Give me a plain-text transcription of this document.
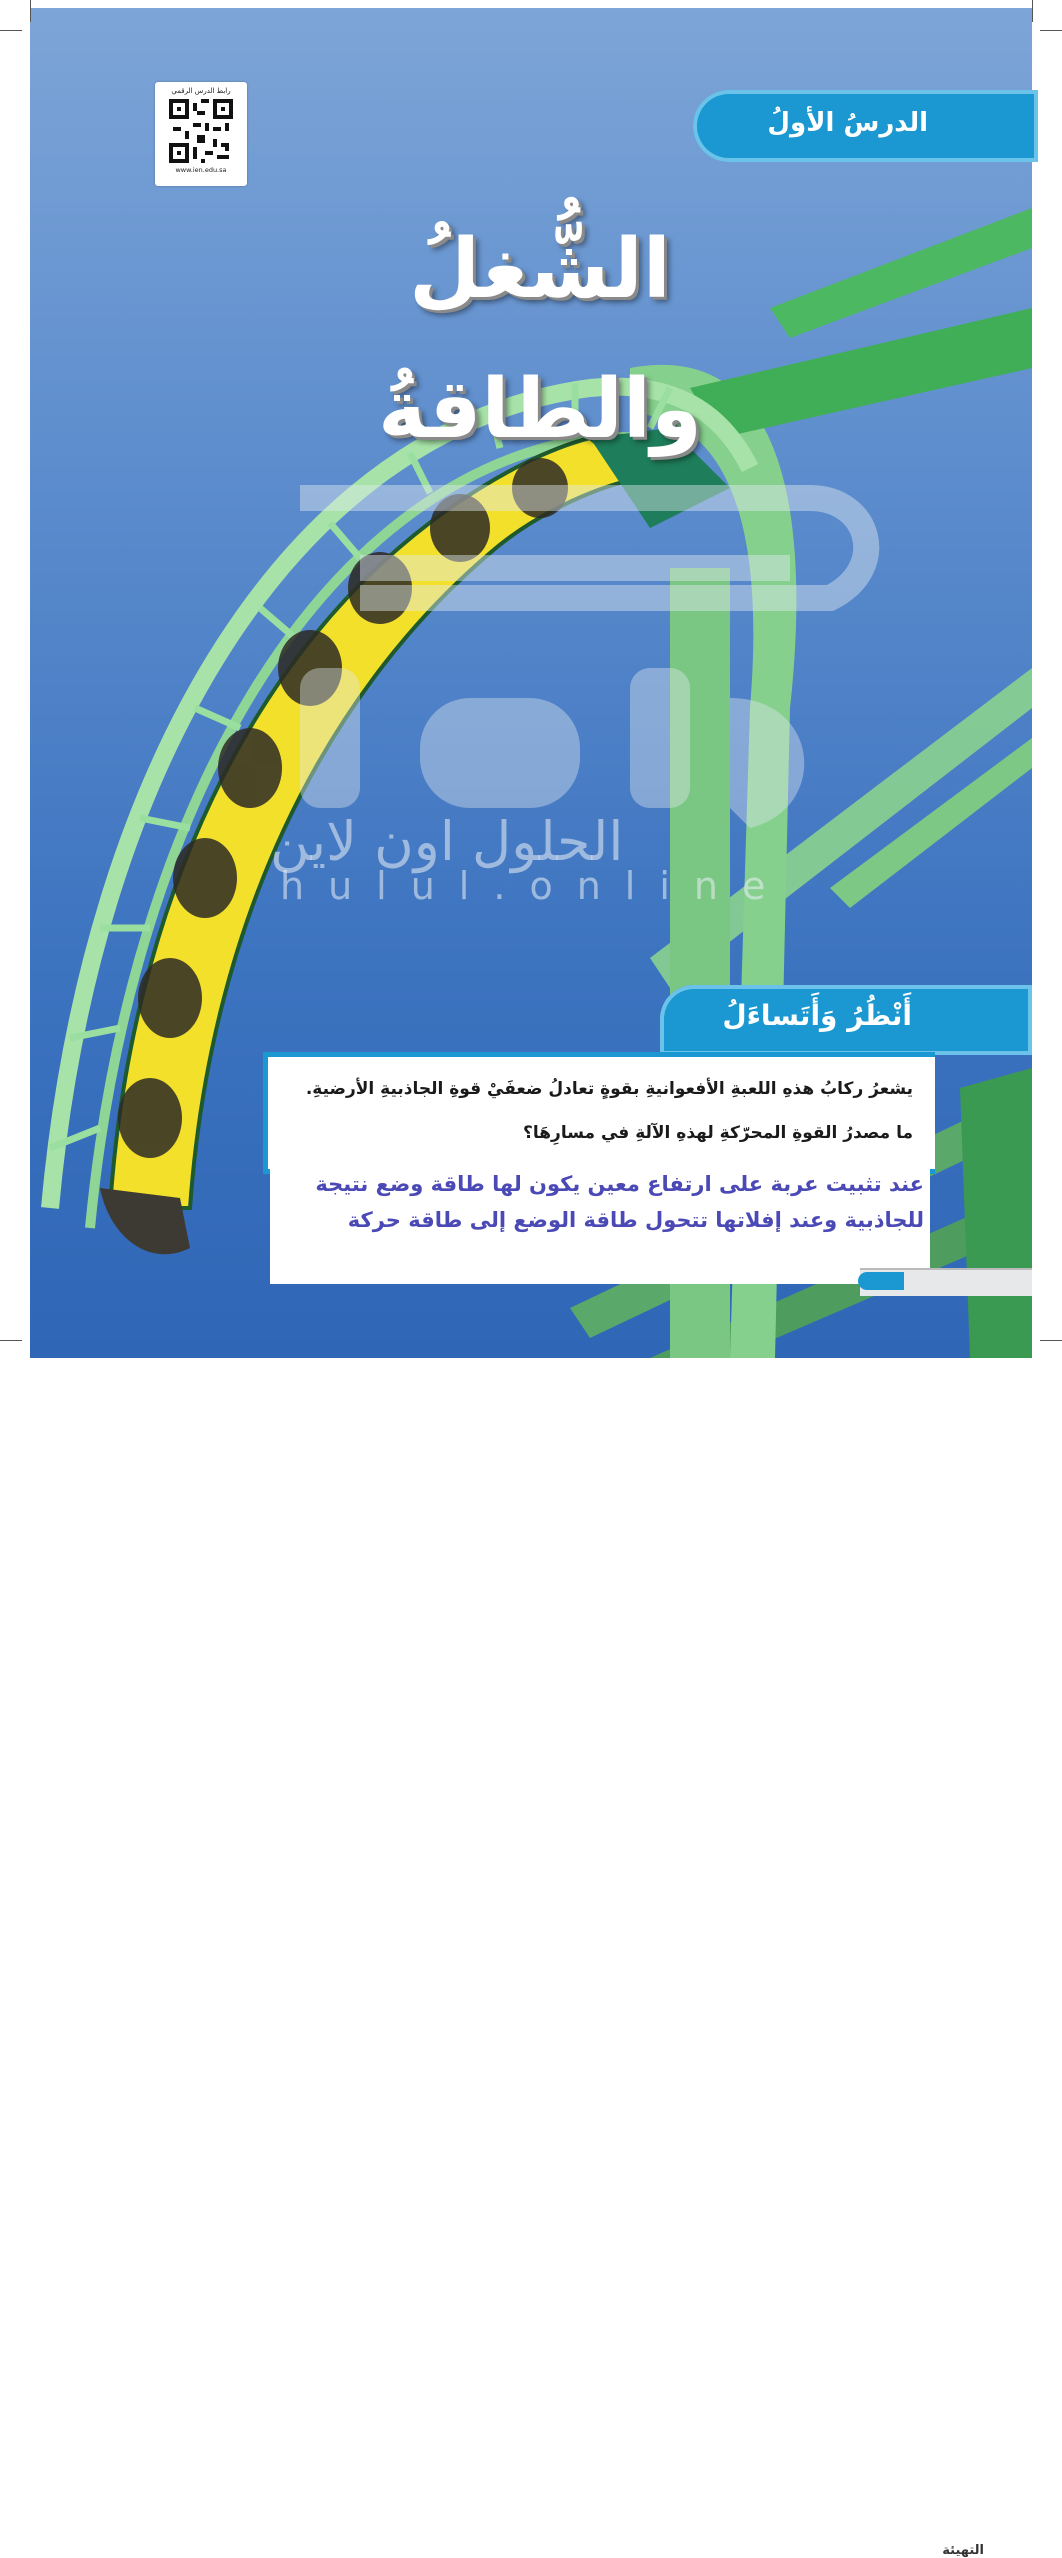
رابط الدرس الرقمي
www.ien.edu.sa
الدرسُ الأولُ
الشُّغلُ والطاقةُ
الحلول اون لاين
hulul.online
أَنْظُرُ وَأَتَساءَلُ
يشعرُ ركابُ هذهِ اللعبةِ الأفعوانيةِ بقوةٍ تعادلُ ضعفَيْ قوةِ الجاذبيةِ الأرضيةِ.
ما مصدرُ القوةِ المحرّكةِ لهذهِ الآلةِ في مسارِهَا؟
عند تثبيت عربة على ارتفاع معين يكون لها طاقة وضع نتيجة
للجاذبية وعند إفلاتها تتحول طاقة الوضع إلى طاقة حركة
التهيئة
